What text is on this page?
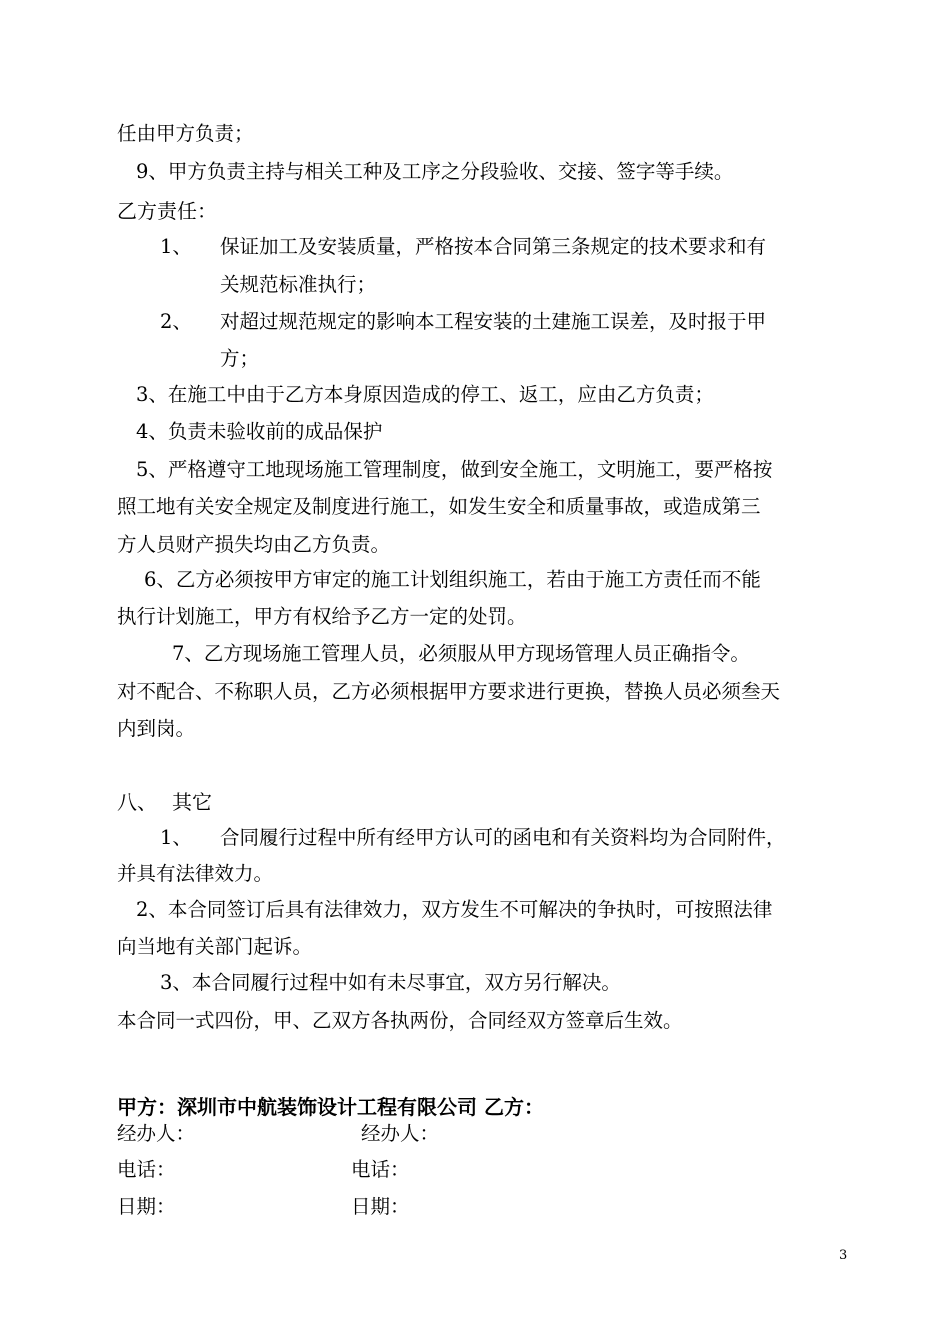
任由甲方负责；
9、甲方负责主持与相关工种及工序之分段验收、交接、签字等手续。
乙方责任：
1、 保证加工及安装质量，严格按本合同第三条规定的技术要求和有
关规范标准执行；
2、 对超过规范规定的影响本工程安装的土建施工误差，及时报于甲
方；
3、在施工中由于乙方本身原因造成的停工、返工，应由乙方负责；
4、负责未验收前的成品保护
5、严格遵守工地现场施工管理制度，做到安全施工，文明施工，要严格按
照工地有关安全规定及制度进行施工，如发生安全和质量事故，或造成第三
方人员财产损失均由乙方负责。
6、乙方必须按甲方审定的施工计划组织施工，若由于施工方责任而不能
执行计划施工，甲方有权给予乙方一定的处罚。
7、乙方现场施工管理人员，必须服从甲方现场管理人员正确指令。
对不配合、不称职人员，乙方必须根据甲方要求进行更换，替换人员必须叁天
内到岗。
八、 其它
1、 合同履行过程中所有经甲方认可的函电和有关资料均为合同附件，
并具有法律效力。
2、本合同签订后具有法律效力，双方发生不可解决的争执时，可按照法律
向当地有关部门起诉。
3、本合同履行过程中如有未尽事宜，双方另行解决。
本合同一式四份，甲、乙双方各执两份，合同经双方签章后生效。
甲方：深圳市中航装饰设计工程有限公司 乙方：
经办人：	经办人：
电话：	电话：
日期：	日期：
3
